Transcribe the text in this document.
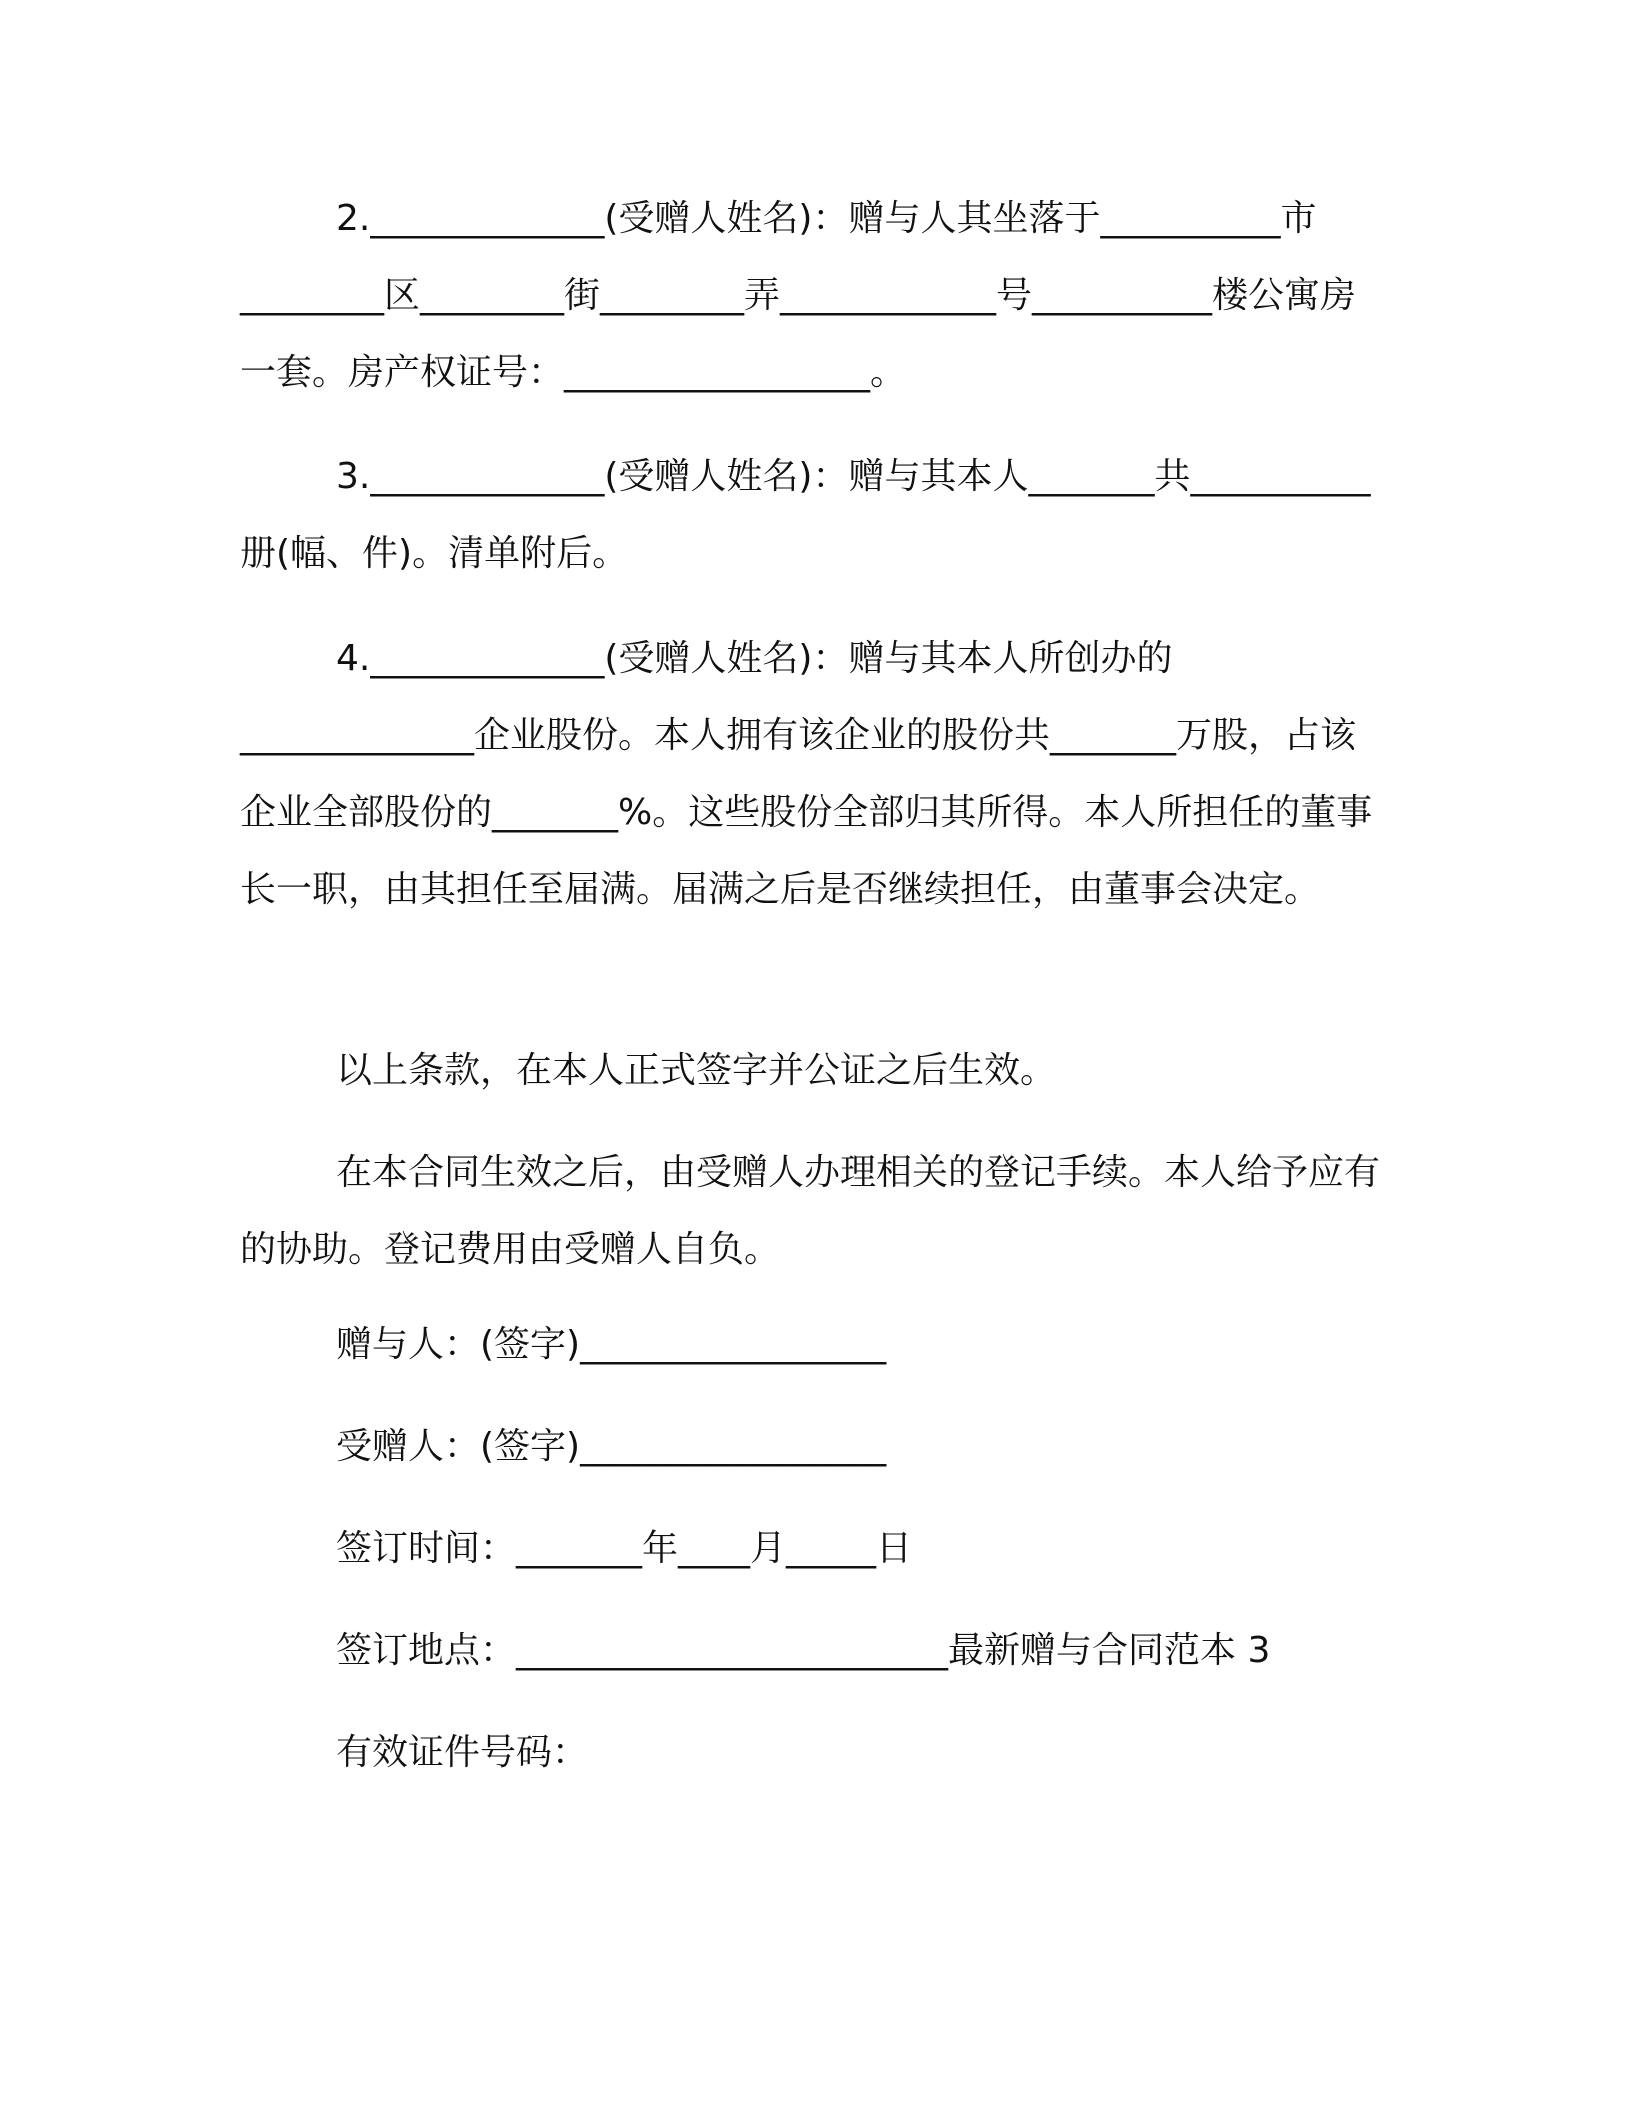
2._____________(受赠人姓名)：赠与人其坐落于__________市________区________街________弄____________号__________楼公寓房一套。房产权证号：_________________。

3._____________(受赠人姓名)：赠与其本人_______共__________册(幅、件)。清单附后。

4._____________(受赠人姓名)：赠与其本人所创办的_____________企业股份。本人拥有该企业的股份共_______万股，占该企业全部股份的_______%。这些股份全部归其所得。本人所担任的董事长一职，由其担任至届满。届满之后是否继续担任，由董事会决定。

以上条款，在本人正式签字并公证之后生效。

在本合同生效之后，由受赠人办理相关的登记手续。本人给予应有的协助。登记费用由受赠人自负。

赠与人：(签字)_________________

受赠人：(签字)_________________

签订时间：_______年____月_____日

签订地点：________________________最新赠与合同范本 3

有效证件号码：
